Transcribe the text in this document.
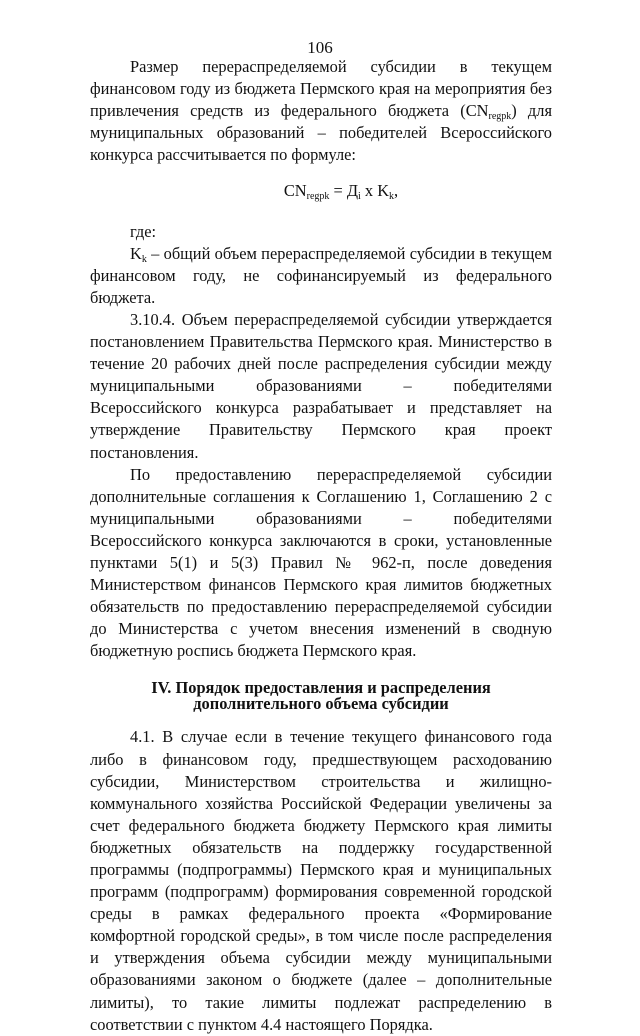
106

Размер перераспределяемой субсидии в текущем финансовом году из бюджета Пермского края на мероприятия без привлечения средств из федерального бюджета $(CN_{regpk})$ для муниципальных образований – победителей Всероссийского конкурса рассчитывается по формуле:

$CN_{regpk} = Д_i$ x $K_k$,

где:

$K_k$ – общий объем перераспределяемой субсидии в текущем финансовом году, не софинансируемый из федерального бюджета.

3.10.4. Объем перераспределяемой субсидии утверждается постановлением Правительства Пермского края. Министерство в течение 20 рабочих дней после распределения субсидии между муниципальными образованиями – победителями Всероссийского конкурса разрабатывает и представляет на утверждение Правительству Пермского края проект постановления.

По предоставлению перераспределяемой субсидии дополнительные соглашения к Соглашению 1, Соглашению 2 с муниципальными образованиями – победителями Всероссийского конкурса заключаются в сроки, установленные пунктами 5(1) и 5(3) Правил № 962-п, после доведения Министерством финансов Пермского края лимитов бюджетных обязательств по предоставлению перераспределяемой субсидии до Министерства с учетом внесения изменений в сводную бюджетную роспись бюджета Пермского края.

IV. Порядок предоставления и распределения
дополнительного объема субсидии

4.1. В случае если в течение текущего финансового года либо в финансовом году, предшествующем расходованию субсидии, Министерством строительства и жилищно-коммунального хозяйства Российской Федерации увеличены за счет федерального бюджета бюджету Пермского края лимиты бюджетных обязательств на поддержку государственной программы (подпрограммы) Пермского края и муниципальных программ (подпрограмм) формирования современной городской среды в рамках федерального проекта «Формирование комфортной городской среды», в том числе после распределения и утверждения объема субсидии между муниципальными образованиями законом о бюджете (далее – дополнительные лимиты), то такие лимиты подлежат распределению в соответствии с пунктом 4.4 настоящего Порядка.
